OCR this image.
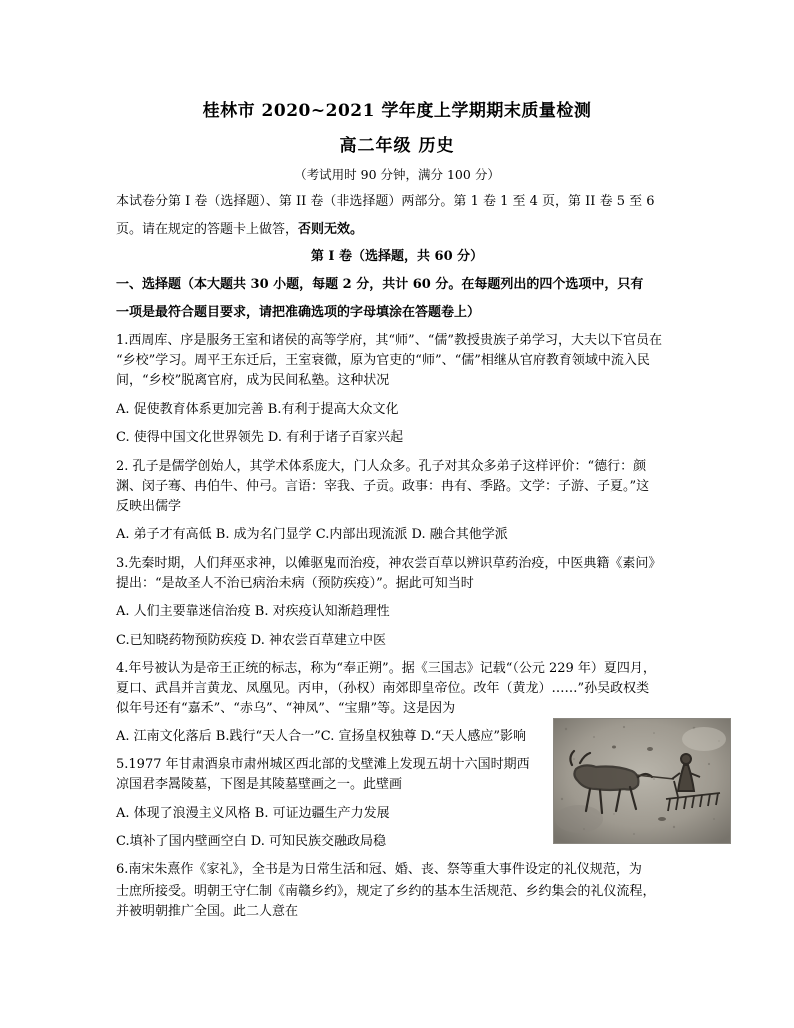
桂林市 2020~2021 学年度上学期期末质量检测
高二年级 历史
（考试用时 90 分钟，满分 100 分）
本试卷分第 I 卷（选择题）、第 II 卷（非选择题）两部分。第 1 卷 1 至 4 页，第 II 卷 5 至 6
页。请在规定的答题卡上做答，否则无效。
第 I 卷（选择题，共 60 分）
一、选择题（本大题共 30 小题，每题 2 分，共计 60 分。在每题列出的四个选项中，只有
一项是最符合题目要求，请把准确选项的字母填涂在答题卷上）
1.西周库、序是服务王室和诸侯的高等学府，其“师”、“儒”教授贵族子弟学习，大夫以下官员在
“乡校”学习。周平王东迁后，王室衰微，原为官吏的“师”、“儒”相继从官府教育领域中流入民
间，“乡校”脱离官府，成为民间私塾。这种状况
A. 促使教育体系更加完善 B.有利于提高大众文化
C. 使得中国文化世界领先 D. 有利于诸子百家兴起
2. 孔子是儒学创始人，其学术体系庞大，门人众多。孔子对其众多弟子这样评价：“德行：颜
渊、闵子骞、冉伯牛、仲弓。言语：宰我、子贡。政事：冉有、季路。文学：子游、子夏。”这
反映出儒学
A. 弟子才有高低 B. 成为名门显学 C.内部出现流派 D. 融合其他学派
3.先秦时期，人们拜巫求神，以傩驱鬼而治疫，神农尝百草以辨识草药治疫，中医典籍《素问》
提出：“是故圣人不治已病治未病（预防疾疫）”。据此可知当时
A. 人们主要靠迷信治疫 B. 对疾疫认知渐趋理性
C.已知晓药物预防疾疫 D. 神农尝百草建立中医
4.年号被认为是帝王正统的标志，称为“奉正朔”。据《三国志》记载“（公元 229 年）夏四月，
夏口、武昌并言黄龙、凤凰见。丙申，（孙权）南郊即皇帝位。改年（黄龙）……”孙吴政权类
似年号还有“嘉禾”、“赤乌”、“神凤”、“宝鼎”等。这是因为
A. 江南文化落后 B.践行“天人合一”C. 宣扬皇权独尊 D.“天人感应”影响
5.1977 年甘肃酒泉市肃州城区西北部的戈壁滩上发现五胡十六国时期西
凉国君李暠陵墓，下图是其陵墓壁画之一。此壁画
A. 体现了浪漫主义风格 B. 可证边疆生产力发展
C.填补了国内壁画空白 D. 可知民族交融政局稳
6.南宋朱熹作《家礼》，全书是为日常生活和冠、婚、丧、祭等重大事件设定的礼仪规范，为
士庶所接受。明朝王守仁制《南赣乡约》，规定了乡约的基本生活规范、乡约集会的礼仪流程，
并被明朝推广全国。此二人意在
